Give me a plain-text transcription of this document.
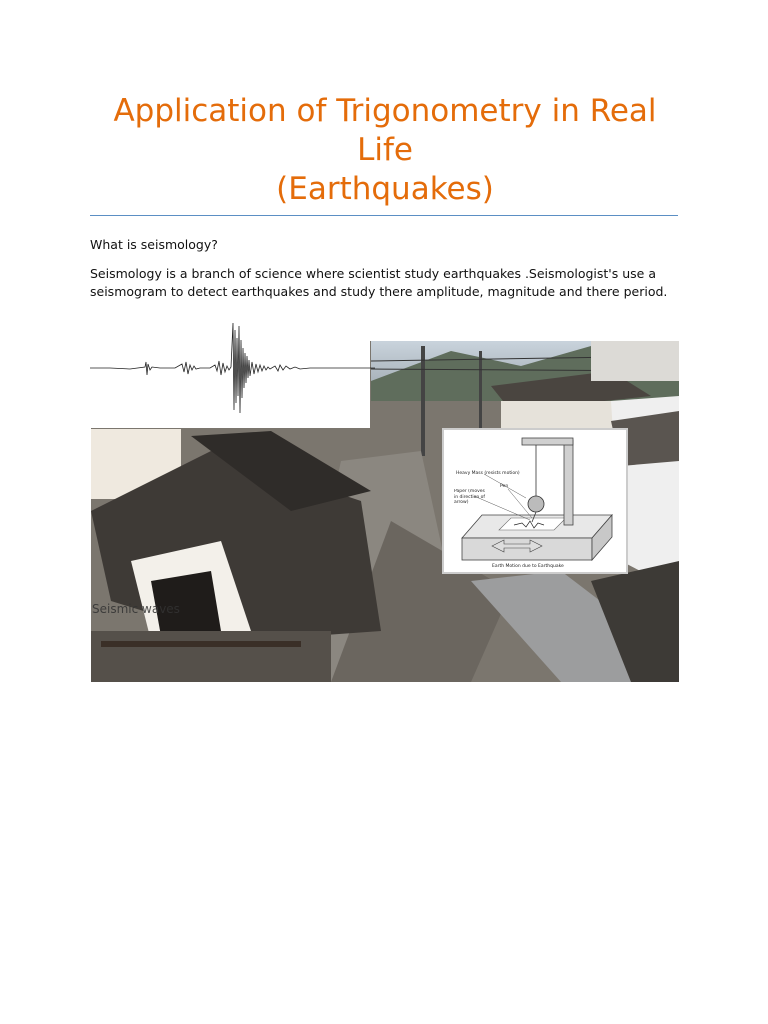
Application of Trigonometry in Real Life
(Earthquakes)

What is seismology?

Seismology is a branch of science where scientist study earthquakes .Seismologist's use a seismogram to detect earthquakes and study there amplitude, magnitude and there period.

Heavy Mass (resists motion)
Pen
Paper (moves in direction of arrow)
Earth Motion due to Earthquake
Seismic waves
